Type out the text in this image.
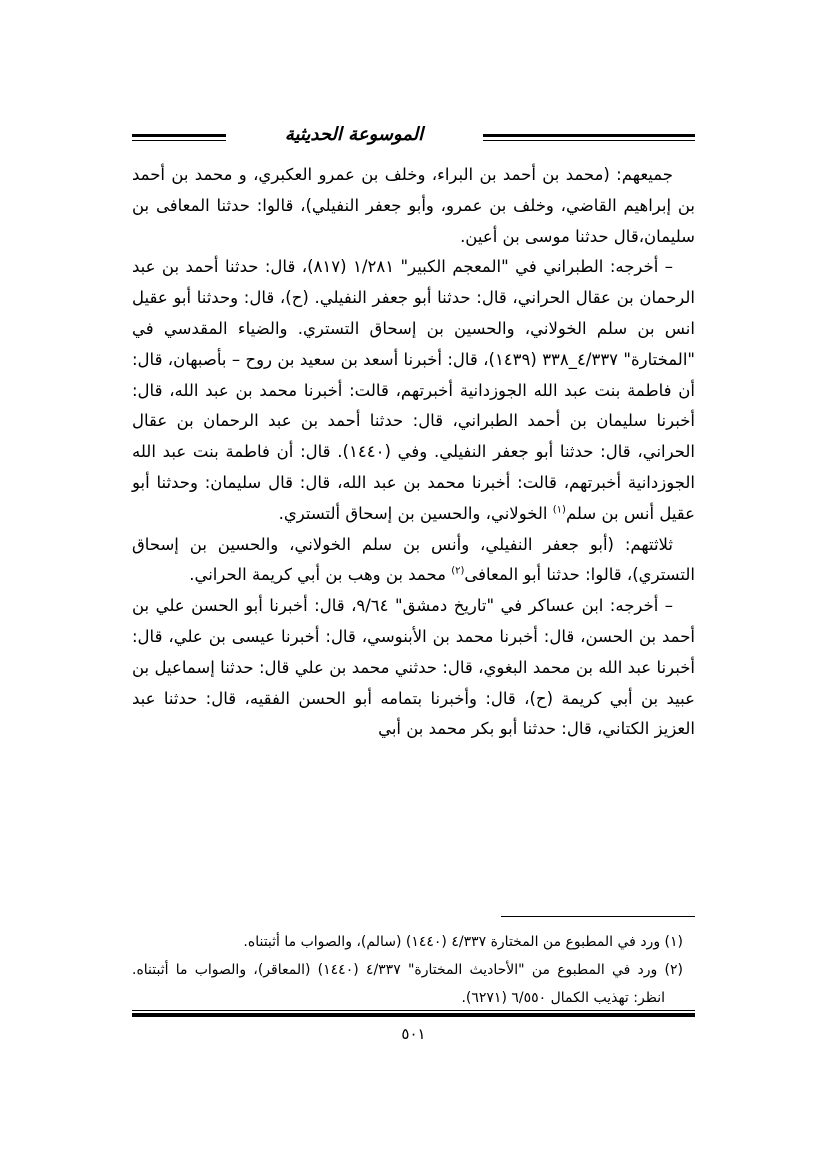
الموسوعة الحديثية

جميعهم: (محمد بن أحمد بن البراء، وخلف بن عمرو العكبري، و محمد بن أحمد بن إبراهيم القاضي، وخلف بن عمرو، وأبو جعفر النفيلي)، قالوا: حدثنا المعافى بن سليمان،قال حدثنا موسى بن أعين.

– أخرجه: الطبراني في "المعجم الكبير" ١/٢٨١ (٨١٧)، قال: حدثنا أحمد بن عبد الرحمان بن عقال الحراني، قال: حدثنا أبو جعفر النفيلي. (ح)، قال: وحدثنا أبو عقيل انس بن سلم الخولاني، والحسين بن إسحاق التستري. والضياء المقدسي في "المختارة" ٤/٣٣٧_٣٣٨ (١٤٣٩)، قال: أخبرنا أسعد بن سعيد بن روح – بأصبهان، قال: أن فاطمة بنت عبد الله الجوزدانية أخبرتهم، قالت: أخبرنا محمد بن عبد الله، قال: أخبرنا سليمان بن أحمد الطبراني، قال: حدثنا أحمد بن عبد الرحمان بن عقال الحراني، قال: حدثنا أبو جعفر النفيلي. وفي (١٤٤٠). قال: أن فاطمة بنت عبد الله الجوزدانية أخبرتهم، قالت: أخبرنا محمد بن عبد الله، قال: قال سليمان: وحدثنا أبو عقيل أنس بن سلم$^{(١)}$ الخولاني، والحسين بن إسحاق ألتستري.

ثلاثتهم: (أبو جعفر النفيلي، وأنس بن سلم الخولاني، والحسين بن إسحاق التستري)، قالوا: حدثنا أبو المعافى$^{(٢)}$ محمد بن وهب بن أبي كريمة الحراني.

– أخرجه: ابن عساكر في "تاريخ دمشق" ٩/٦٤، قال: أخبرنا أبو الحسن علي بن أحمد بن الحسن، قال: أخبرنا محمد بن الأبنوسي، قال: أخبرنا عيسى بن علي، قال: أخبرنا عبد الله بن محمد البغوي، قال: حدثني محمد بن علي قال: حدثنا إسماعيل بن عبيد بن أبي كريمة (ح)، قال: وأخبرنا بتمامه أبو الحسن الفقيه، قال: حدثنا عبد العزيز الكتاني، قال: حدثنا أبو بكر محمد بن أبي

(١) ورد في المطبوع من المختارة ٤/٣٣٧ (١٤٤٠) (سالم)، والصواب ما أثبتناه.

(٢) ورد في المطبوع من "الأحاديث المختارة" ٤/٣٣٧ (١٤٤٠) (المعاقر)، والصواب ما أثبتناه. انظر: تهذيب الكمال ٦/٥٥٠ (٦٢٧١).

٥٠١
